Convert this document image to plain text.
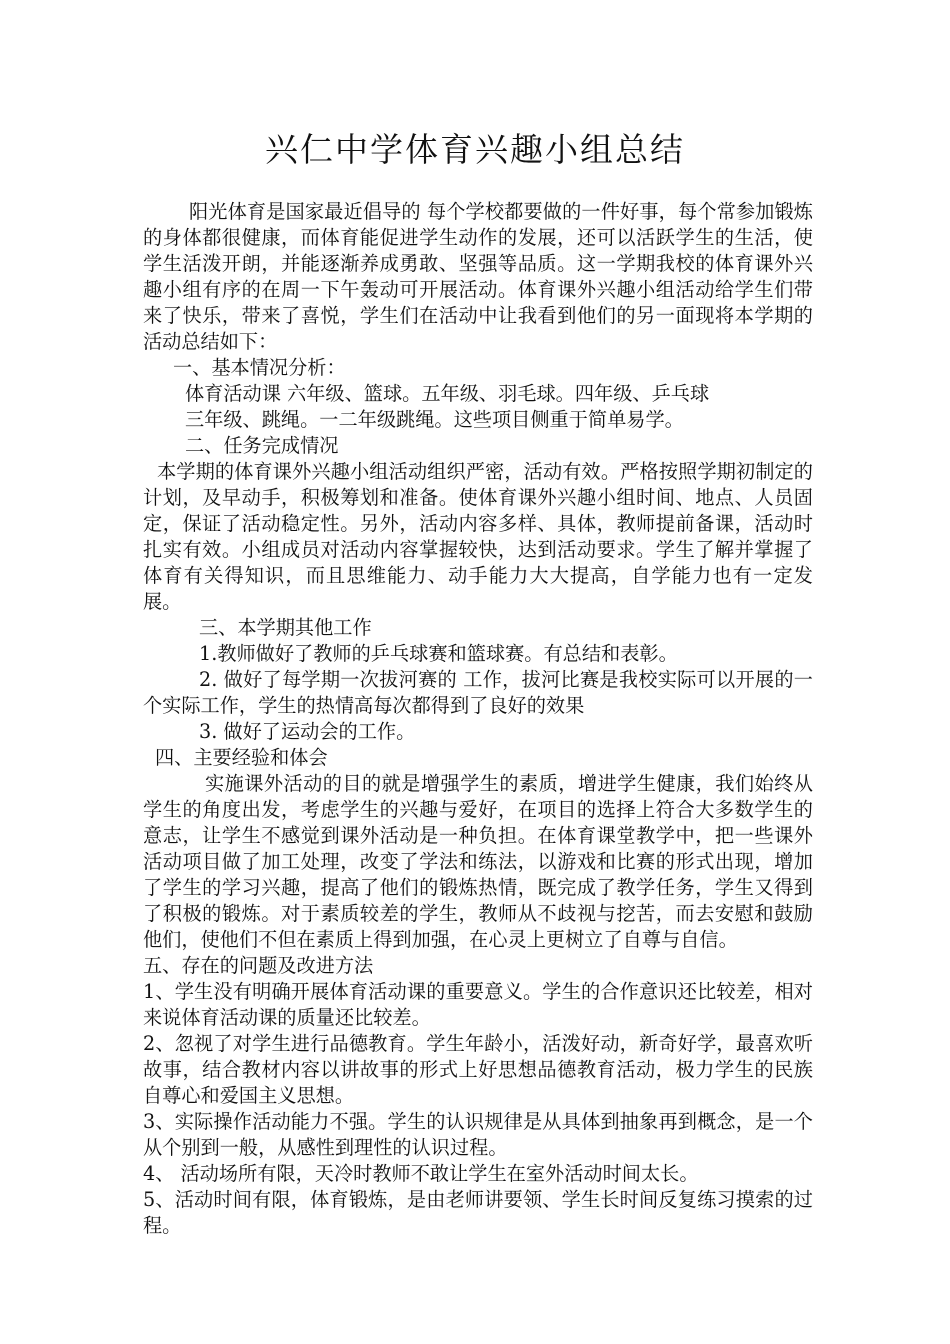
兴仁中学体育兴趣小组总结

阳光体育是国家最近倡导的 每个学校都要做的一件好事，每个常参加锻炼的身体都很健康，而体育能促进学生动作的发展，还可以活跃学生的生活，使学生活泼开朗，并能逐渐养成勇敢、坚强等品质。这一学期我校的体育课外兴趣小组有序的在周一下午轰动可开展活动。体育课外兴趣小组活动给学生们带来了快乐，带来了喜悦，学生们在活动中让我看到他们的另一面现将本学期的活动总结如下：

一、基本情况分析：

体育活动课 六年级、篮球。五年级、羽毛球。四年级、乒乓球

三年级、跳绳。一二年级跳绳。这些项目侧重于简单易学。

二、任务完成情况

本学期的体育课外兴趣小组活动组织严密，活动有效。严格按照学期初制定的计划，及早动手，积极筹划和准备。使体育课外兴趣小组时间、地点、人员固定，保证了活动稳定性。另外，活动内容多样、具体，教师提前备课，活动时扎实有效。小组成员对活动内容掌握较快，达到活动要求。学生了解并掌握了体育有关得知识，而且思维能力、动手能力大大提高，自学能力也有一定发展。

三、本学期其他工作

1.教师做好了教师的乒乓球赛和篮球赛。有总结和表彰。

2. 做好了每学期一次拔河赛的 工作，拔河比赛是我校实际可以开展的一个实际工作，学生的热情高每次都得到了良好的效果

3. 做好了运动会的工作。

四、主要经验和体会

实施课外活动的目的就是增强学生的素质，增进学生健康，我们始终从学生的角度出发，考虑学生的兴趣与爱好，在项目的选择上符合大多数学生的意志，让学生不感觉到课外活动是一种负担。在体育课堂教学中，把一些课外活动项目做了加工处理，改变了学法和练法，以游戏和比赛的形式出现，增加了学生的学习兴趣，提高了他们的锻炼热情，既完成了教学任务，学生又得到了积极的锻炼。对于素质较差的学生，教师从不歧视与挖苦，而去安慰和鼓励他们，使他们不但在素质上得到加强，在心灵上更树立了自尊与自信。

五、存在的问题及改进方法

1、学生没有明确开展体育活动课的重要意义。学生的合作意识还比较差，相对来说体育活动课的质量还比较差。

2、忽视了对学生进行品德教育。学生年龄小，活泼好动，新奇好学，最喜欢听故事，结合教材内容以讲故事的形式上好思想品德教育活动，极力学生的民族自尊心和爱国主义思想。

3、实际操作活动能力不强。学生的认识规律是从具体到抽象再到概念，是一个从个别到一般，从感性到理性的认识过程。

4、 活动场所有限，天冷时教师不敢让学生在室外活动时间太长。

5、活动时间有限，体育锻炼，是由老师讲要领、学生长时间反复练习摸索的过程。
